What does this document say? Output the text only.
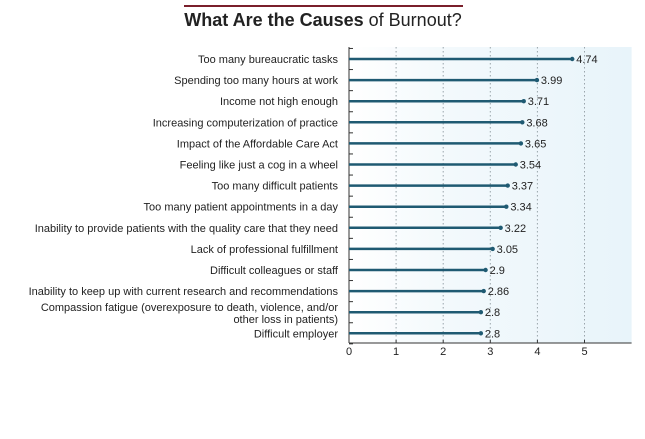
What Are the Causes of Burnout?
0	1	2	3	4	5
Too many bureaucratic tasks	4.74
Spending too many hours at work	3.99
Income not high enough	3.71
Increasing computerization of practice	3.68
Impact of the Affordable Care Act	3.65
Feeling like just a cog in a wheel	3.54
Too many difficult patients	3.37
Too many patient appointments in a day	3.34
Inability to provide patients with the quality care that they need	3.22
Lack of professional fulfillment	3.05
Difficult colleagues or staff	2.9
Inability to keep up with current research and recommendations	2.86
Compassion fatigue (overexposure to death, violence, and/or other loss in patients)
2.8
Difficult employer	2.8
